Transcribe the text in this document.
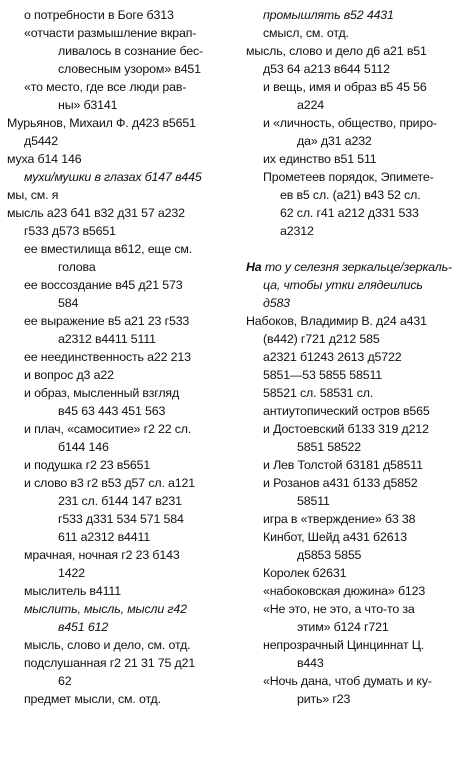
о потребности в Боге б313
«отчасти размышление вкрап-
ливалось в сознание бес-
словесным узором» в451
«то место, где все люди рав-
ны» б3141
Мурьянов, Михаил Ф. д423 в5651
д5442
муха б14 146
мухи/мушки в глазах б147 в445
мы, см. я
мысль а23 б41 в32 д31 57 а232
г533 д573 в5651
ее вместилища в612, еще см.
голова
ее воссоздание в45 д21 573
584
ее выражение в5 а21 23 г533
а2312 в4411 5111
ее неединственность а22 213
и вопрос д3 а22
и образ, мысленный взгляд
в45 63 443 451 563
и плач, «самоситие» г2 22 сл.
б144 146
и подушка г2 23 в5651
и слово в3 г2 в53 д57 сл. а121
231 сл. б144 147 в231
г533 д331 534 571 584
611 а2312 в4411
мрачная, ночная г2 23 б143
1422
мыслитель в4111
мыслить, мысль, мысли г42
в451 612
мысль, слово и дело, см. отд.
подслушанная г2 21 31 75 д21
62
предмет мысли, см. отд.
промышлять в52 4431
смысл, см. отд.
мысль, слово и дело д6 а21 в51
д53 64 а213 в644 5112
и вещь, имя и образ в5 45 56
а224
и «личность, общество, приро-
да» д31 а232
их единство в51 511
Прометеев порядок, Эпимете-
ев в5 сл. (а21) в43 52 сл.
62 сл. г41 а212 д331 533
а2312
На то у селезня зеркальце/зеркаль-
ца, чтобы утки глядеились
д583
Набоков, Владимир В. д24 а431
(в442) г721 д212 585
а2321 б1243 2613 д5722
5851—53 5855 58511
58521 сл. 58531 сл.
антиутопический остров в565
и Достоевский б133 319 д212
5851 58522
и Лев Толстой б3181 д58511
и Розанов а431 б133 д5852
58511
игра в «тверждение» б3 38
Кинбот, Шейд а431 б2613
д5853 5855
Королек б2631
«набоковская дюжина» б123
«Не это, не это, а что-то за
этим» б124 г721
непрозрачный Цинциннат Ц.
в443
«Ночь дана, чтоб думать и ку-
рить» г23
